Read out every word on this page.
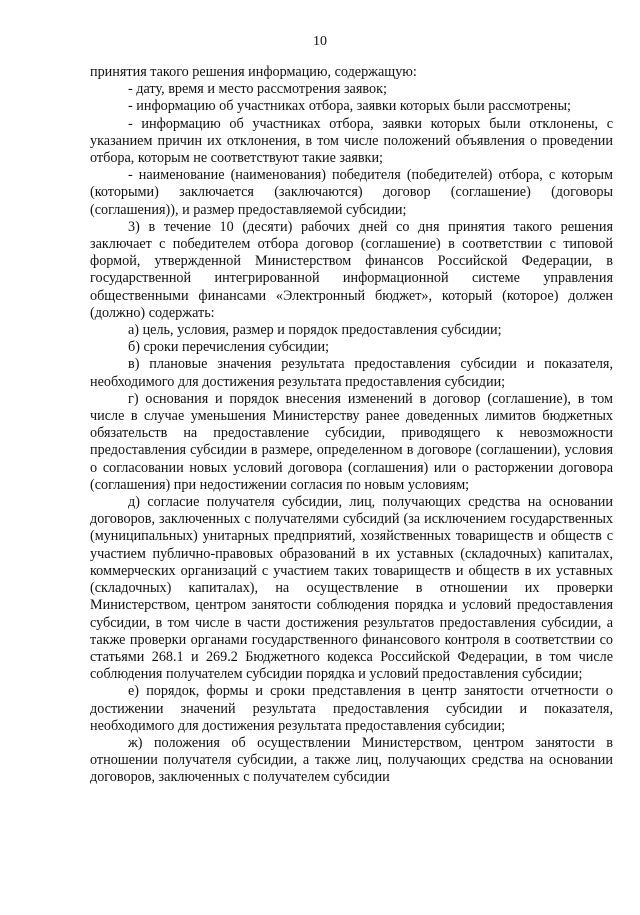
10

принятия такого решения информацию, содержащую:

- дату, время и место рассмотрения заявок;

- информацию об участниках отбора, заявки которых были рассмотрены;

- информацию об участниках отбора, заявки которых были отклонены, с указанием причин их отклонения, в том числе положений объявления о проведении отбора, которым не соответствуют такие заявки;

- наименование (наименования) победителя (победителей) отбора, с которым (которыми) заключается (заключаются) договор (соглашение) (договоры (соглашения)), и размер предоставляемой субсидии;

3) в течение 10 (десяти) рабочих дней со дня принятия такого решения заключает с победителем отбора договор (соглашение) в соответствии с типовой формой, утвержденной Министерством финансов Российской Федерации, в государственной интегрированной информационной системе управления общественными финансами «Электронный бюджет», который (которое) должен (должно) содержать:

а) цель, условия, размер и порядок предоставления субсидии;

б) сроки перечисления субсидии;

в) плановые значения результата предоставления субсидии и показателя, необходимого для достижения результата предоставления субсидии;

г) основания и порядок внесения изменений в договор (соглашение), в том числе в случае уменьшения Министерству ранее доведенных лимитов бюджетных обязательств на предоставление субсидии, приводящего к невозможности предоставления субсидии в размере, определенном в договоре (соглашении), условия о согласовании новых условий договора (соглашения) или о расторжении договора (соглашения) при недостижении согласия по новым условиям;

д) согласие получателя субсидии, лиц, получающих средства на основании договоров, заключенных с получателями субсидий (за исключением государственных (муниципальных) унитарных предприятий, хозяйственных товариществ и обществ с участием публично-правовых образований в их уставных (складочных) капиталах, коммерческих организаций с участием таких товариществ и обществ в их уставных (складочных) капиталах), на осуществление в отношении их проверки Министерством, центром занятости соблюдения порядка и условий предоставления субсидии, в том числе в части достижения результатов предоставления субсидии, а также проверки органами государственного финансового контроля в соответствии со статьями 268.1 и 269.2 Бюджетного кодекса Российской Федерации, в том числе соблюдения получателем субсидии порядка и условий предоставления субсидии;

е) порядок, формы и сроки представления в центр занятости отчетности о достижении значений результата предоставления субсидии и показателя, необходимого для достижения результата предоставления субсидии;

ж) положения об осуществлении Министерством, центром занятости в отношении получателя субсидии, а также лиц, получающих средства на основании договоров, заключенных с получателем субсидии
